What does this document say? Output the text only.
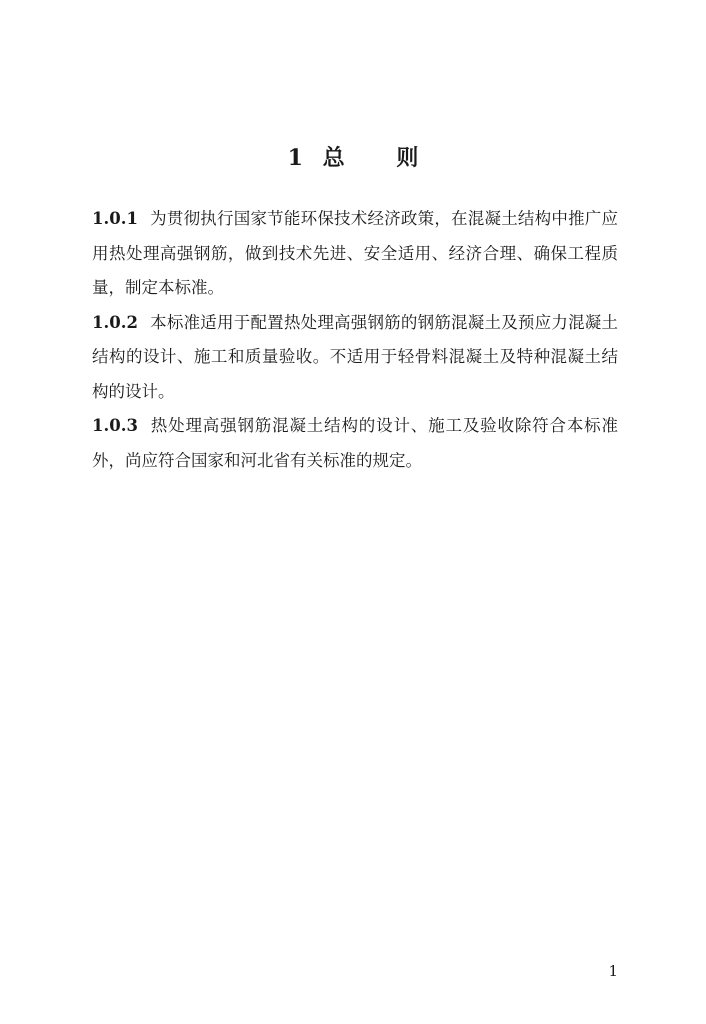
1 总 则

1.0.1 为贯彻执行国家节能环保技术经济政策，在混凝土结构中推广应用热处理高强钢筋，做到技术先进、安全适用、经济合理、确保工程质量，制定本标准。

1.0.2 本标准适用于配置热处理高强钢筋的钢筋混凝土及预应力混凝土结构的设计、施工和质量验收。不适用于轻骨料混凝土及特种混凝土结构的设计。

1.0.3 热处理高强钢筋混凝土结构的设计、施工及验收除符合本标准外，尚应符合国家和河北省有关标准的规定。

1
